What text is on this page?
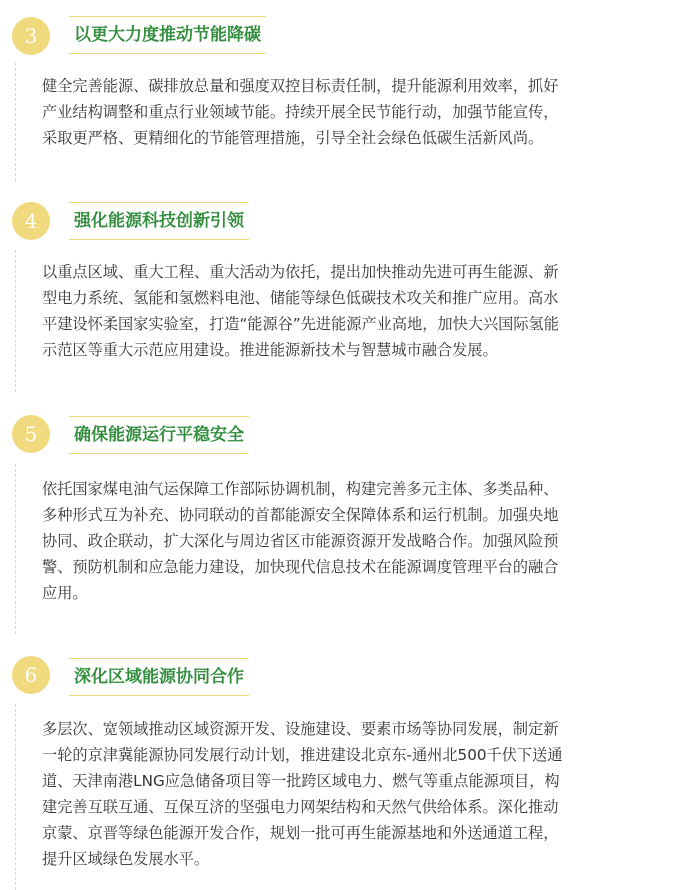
3	以更大力度推动节能降碳
健全完善能源、碳排放总量和强度双控目标责任制，提升能源利用效率，抓好
产业结构调整和重点行业领域节能。持续开展全民节能行动，加强节能宣传，
采取更严格、更精细化的节能管理措施，引导全社会绿色低碳生活新风尚。
4	强化能源科技创新引领
以重点区域、重大工程、重大活动为依托，提出加快推动先进可再生能源、新
型电力系统、氢能和氢燃料电池、储能等绿色低碳技术攻关和推广应用。高水
平建设怀柔国家实验室，打造“能源谷”先进能源产业高地，加快大兴国际氢能
示范区等重大示范应用建设。推进能源新技术与智慧城市融合发展。
5	确保能源运行平稳安全
依托国家煤电油气运保障工作部际协调机制，构建完善多元主体、多类品种、
多种形式互为补充、协同联动的首都能源安全保障体系和运行机制。加强央地
协同、政企联动，扩大深化与周边省区市能源资源开发战略合作。加强风险预
警、预防机制和应急能力建设，加快现代信息技术在能源调度管理平台的融合
应用。
6	深化区域能源协同合作
多层次、宽领域推动区域资源开发、设施建设、要素市场等协同发展，制定新
一轮的京津冀能源协同发展行动计划，推进建设北京东-通州北500千伏下送通
道、天津南港LNG应急储备项目等一批跨区域电力、燃气等重点能源项目，构
建完善互联互通、互保互济的坚强电力网架结构和天然气供给体系。深化推动
京蒙、京晋等绿色能源开发合作，规划一批可再生能源基地和外送通道工程，
提升区域绿色发展水平。
